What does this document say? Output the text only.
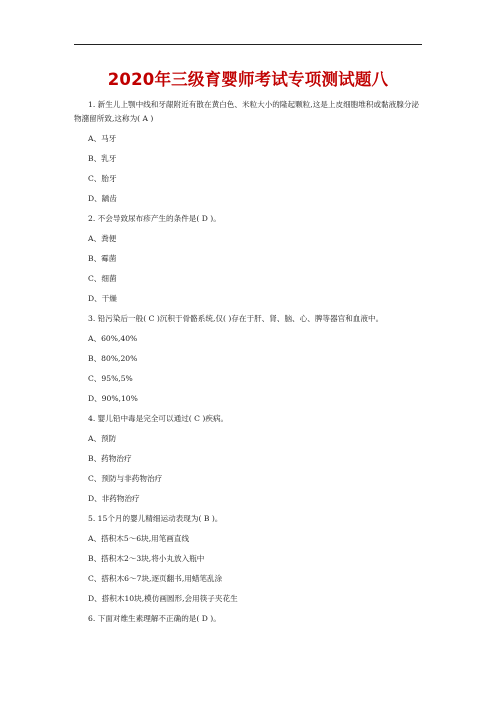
2020年三级育婴师考试专项测试题八
1. 新生儿上颚中线和牙龈附近有散在黄白色、米粒大小的隆起颗粒,这是上皮细胞堆积或黏液腺分泌物潴留所致,这称为( A )
A、马牙
B、乳牙
C、胎牙
D、龋齿
2. 不会导致尿布疹产生的条件是( D )。
A、粪便
B、霉菌
C、细菌
D、干燥
3. 铅污染后一般( C )沉积于骨骼系统,仅( )存在于肝、肾、脑、心、脾等器官和血液中。
A、60%,40%
B、80%,20%
C、95%,5%
D、90%,10%
4. 婴儿铅中毒是完全可以通过( C )疾病。
A、预防
B、药物治疗
C、预防与非药物治疗
D、非药物治疗
5. 15个月的婴儿精细运动表现为( B )。
A、搭积木5～6块,用笔画直线
B、搭积木2～3块,将小丸放入瓶中
C、搭积木6～7块,逐页翻书,用蜡笔乱涂
D、搭积木10块,模仿画圆形,会用筷子夹花生
6. 下面对维生素理解不正确的是( D )。
